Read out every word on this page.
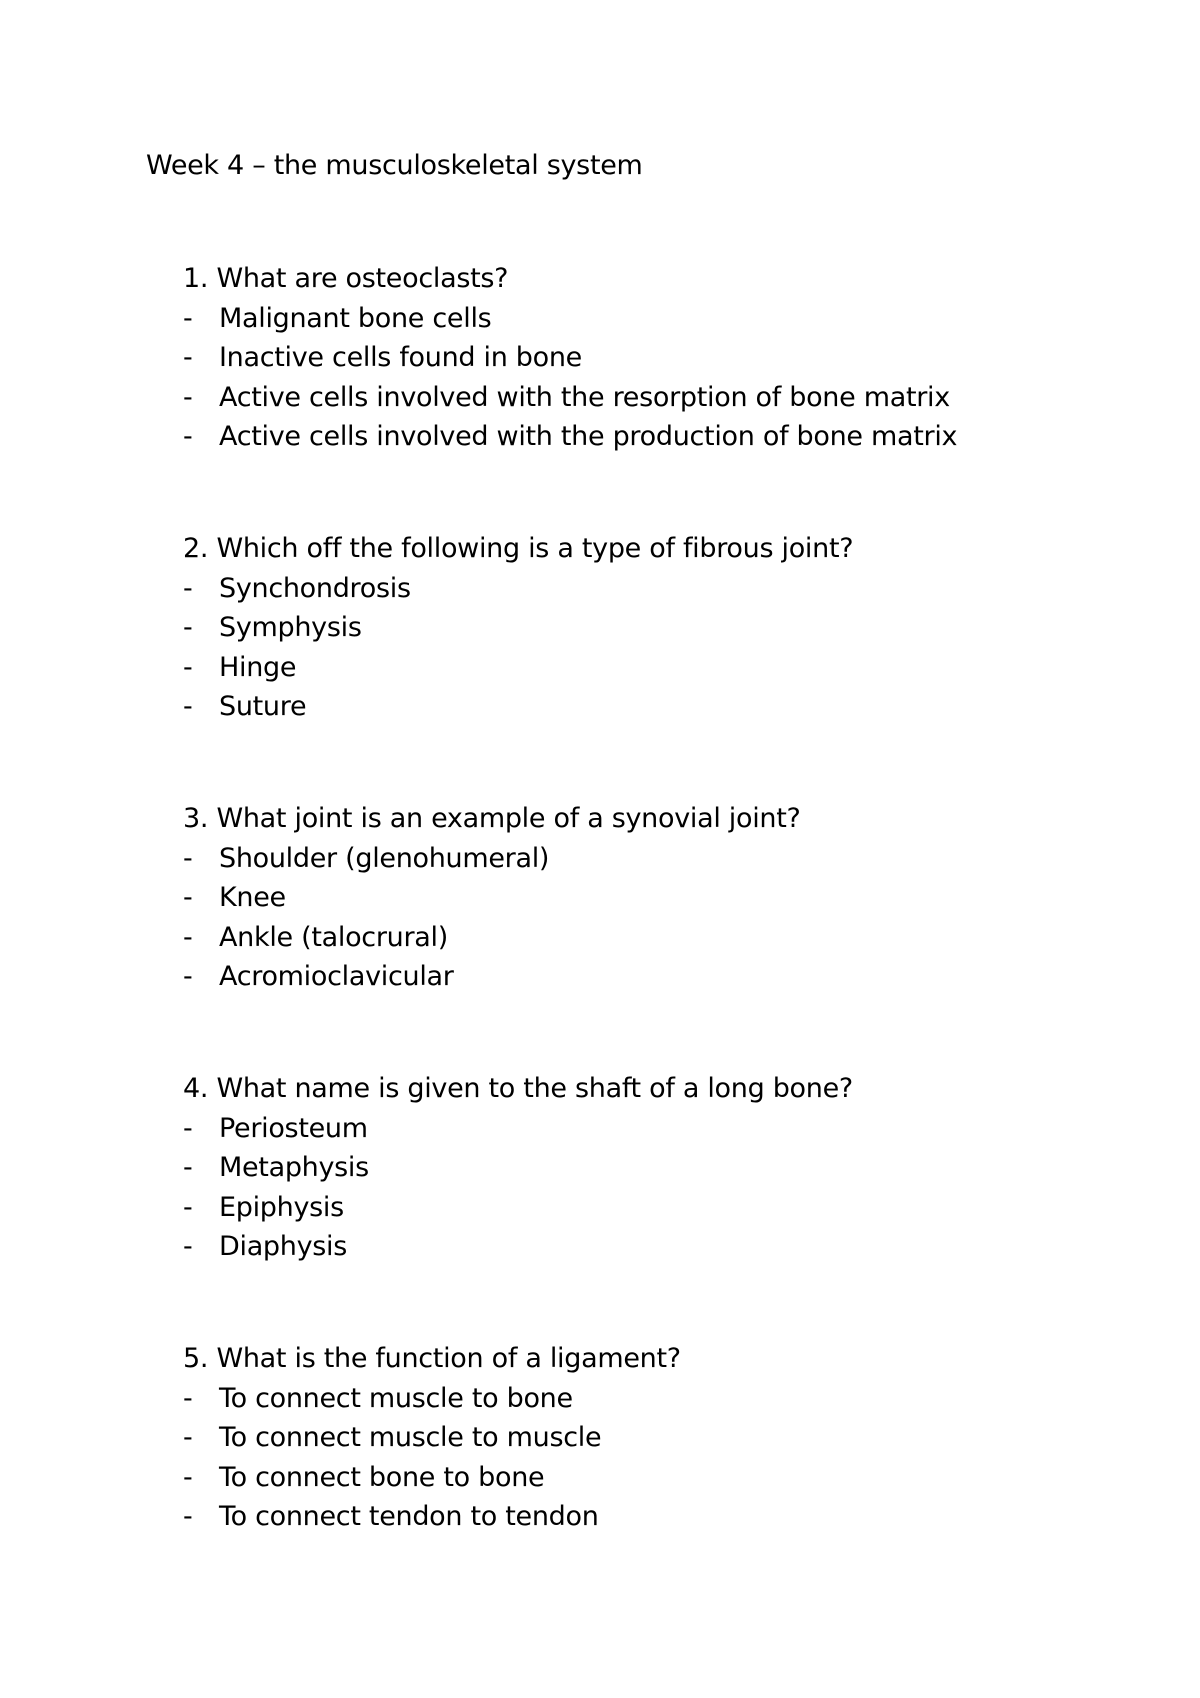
Week 4 – the musculoskeletal system
1. What are osteoclasts?
- Malignant bone cells
- Inactive cells found in bone
- Active cells involved with the resorption of bone matrix
- Active cells involved with the production of bone matrix
2. Which off the following is a type of fibrous joint?
- Synchondrosis
- Symphysis
- Hinge
- Suture
3. What joint is an example of a synovial joint?
- Shoulder (glenohumeral)
- Knee
- Ankle (talocrural)
- Acromioclavicular
4. What name is given to the shaft of a long bone?
- Periosteum
- Metaphysis
- Epiphysis
- Diaphysis
5. What is the function of a ligament?
- To connect muscle to bone
- To connect muscle to muscle
- To connect bone to bone
- To connect tendon to tendon
